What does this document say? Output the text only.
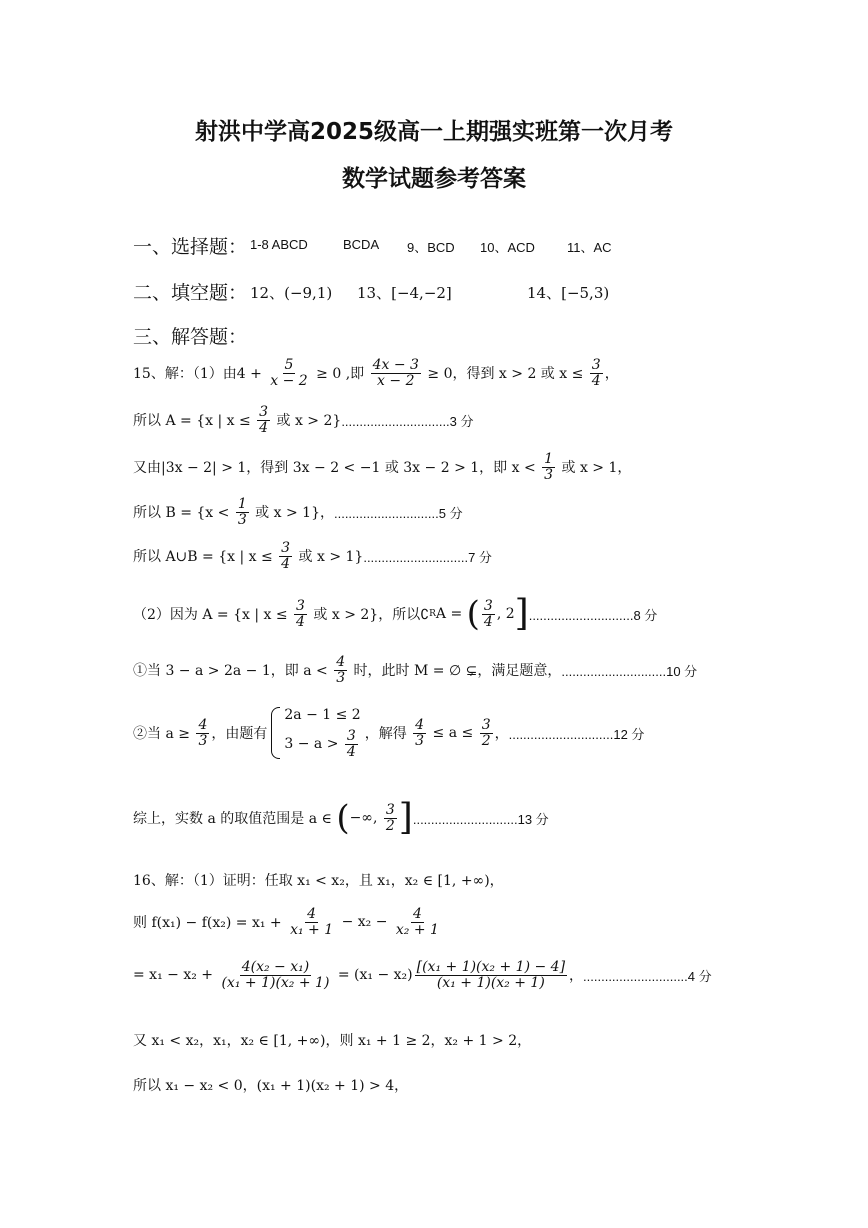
射洪中学高2025级高一上期强实班第一次月考
数学试题参考答案
一、选择题： 1-8 ABCD	BCDA 9、BCD 10、ACD 11、AC
二、填空题： 12、(−9,1) 13、[−4,−2]	14、[−5,3)
三、解答题：
15、解：（1）由$4 + \frac{5}{x - 2} \ge 0$ ,即 $\frac{4x - 3}{x - 2} \ge 0$，得到 x > 2 或 $x \le \frac{3}{4}$ ，
所以 A = {x | $x \le \frac{3}{4}$ 或 x > 2} ..............................3 分
又由|3x − 2| > 1，得到 3x − 2 < −1 或 3x − 2 > 1，即 $x < \frac{1}{3}$ 或 x > 1，
所以 $B = \{x < \frac{1}{3}$ 或 x > 1}， .............................5 分
所以 A∪B = {x | $x \le \frac{3}{4}$ 或 x > 1} .............................7 分
（2）因为 A = {x | $x \le \frac{3}{4}$ 或 x > 2}，所以∁ R A = ( $\frac{3}{4}$ , 2 ] .............................8 分
①当 3 − a > 2a − 1，即 $a < \frac{4}{3}$ 时，此时 M = ∅ ⊊，满足题意， .............................10 分
②当 $a \ge \frac{4}{3}$ ，由题有
2a − 1 ≤ 2
$3 - a > \frac{3}{4}$ ，解得 $\frac{4}{3} \le a \le \frac{3}{2}$ ， .............................12 分
综上，实数 a 的取值范围是 a ∈ ( −∞, $\frac{3}{2}$ ] .............................13 分
16、解：（1）证明：任取 x₁ < x₂，且 x₁，x₂ ∈ [1, +∞)，
则 $f(x_1) - f(x_2) = x_1 + \frac{4}{\text{x₁ + 1}} - x_2 - \frac{4}{\text{x₂ + 1}}$
= $x_1 - x_2 + \frac{\text{4(x₂ − x₁)}}{\text{(x₁ + 1)(x₂ + 1)}} = (x_1 - x_2) \frac{\text{[(x₁ + 1)(x₂ + 1) − 4]}}{\text{(x₁ + 1)(x₂ + 1)}}$ ， .............................4 分
又 x₁ < x₂，x₁，x₂ ∈ [1, +∞)，则 x₁ + 1 ≥ 2，x₂ + 1 > 2，
所以 x₁ − x₂ < 0，(x₁ + 1)(x₂ + 1) > 4，
